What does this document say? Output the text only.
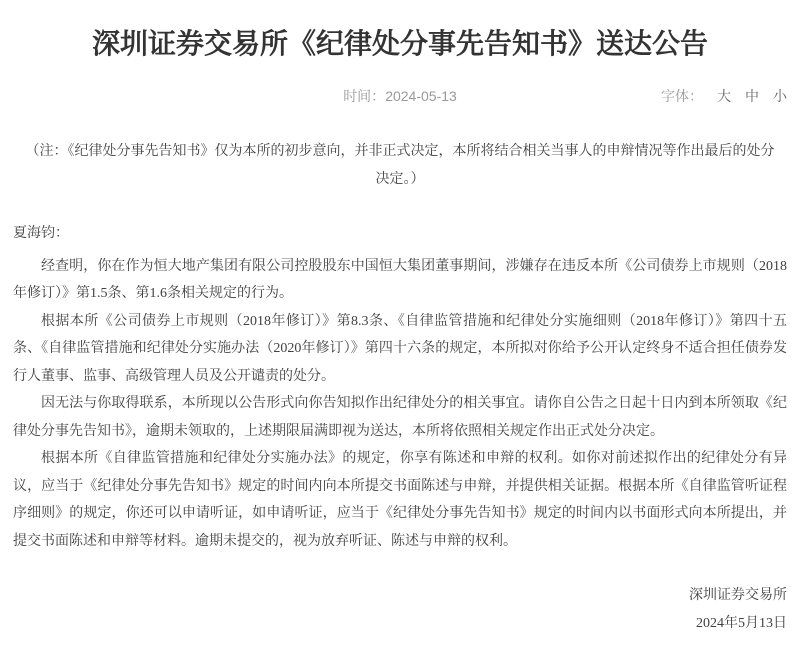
深圳证券交易所《纪律处分事先告知书》送达公告
时间：2024-05-13	字体： 大 中 小

（注：《纪律处分事先告知书》仅为本所的初步意向，并非正式决定，本所将结合相关当事人的申辩情况等作出最后的处分决定。）

夏海钧：

经查明，你在作为恒大地产集团有限公司控股股东中国恒大集团董事期间，涉嫌存在违反本所《公司债券上市规则（2018年修订）》第1.5条、第1.6条相关规定的行为。

根据本所《公司债券上市规则（2018年修订）》第8.3条、《自律监管措施和纪律处分实施细则（2018年修订）》第四十五条、《自律监管措施和纪律处分实施办法（2020年修订）》第四十六条的规定，本所拟对你给予公开认定终身不适合担任债券发行人董事、监事、高级管理人员及公开谴责的处分。

因无法与你取得联系，本所现以公告形式向你告知拟作出纪律处分的相关事宜。请你自公告之日起十日内到本所领取《纪律处分事先告知书》，逾期未领取的，上述期限届满即视为送达，本所将依照相关规定作出正式处分决定。

根据本所《自律监管措施和纪律处分实施办法》的规定，你享有陈述和申辩的权利。如你对前述拟作出的纪律处分有异议，应当于《纪律处分事先告知书》规定的时间内向本所提交书面陈述与申辩，并提供相关证据。根据本所《自律监管听证程序细则》的规定，你还可以申请听证，如申请听证，应当于《纪律处分事先告知书》规定的时间内以书面形式向本所提出，并提交书面陈述和申辩等材料。逾期未提交的，视为放弃听证、陈述与申辩的权利。

深圳证券交易所
2024年5月13日
